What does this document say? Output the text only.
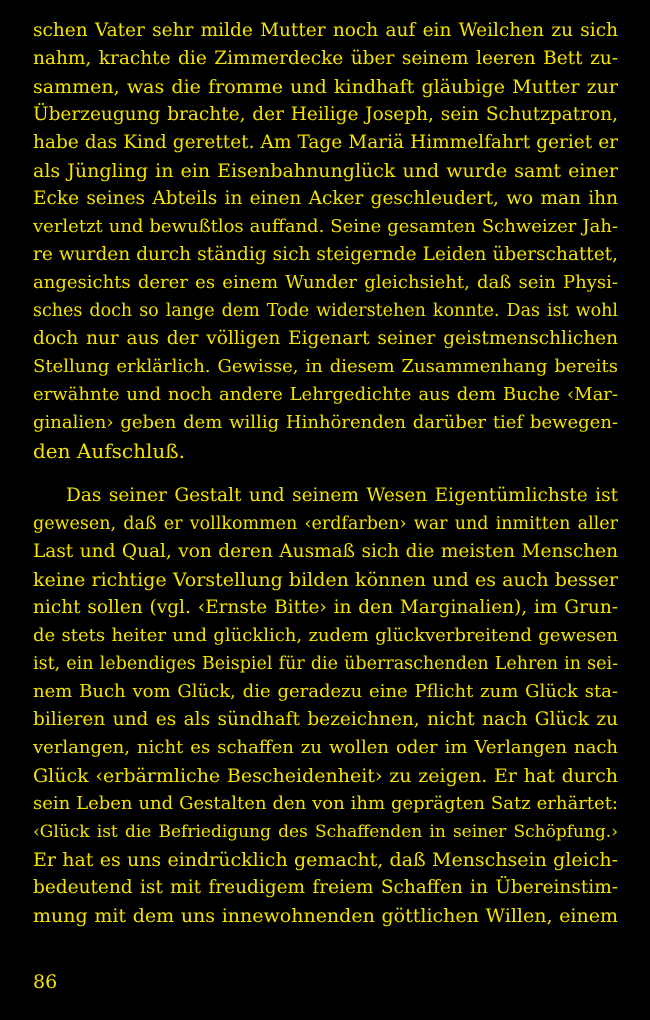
schen Vater sehr milde Mutter noch auf ein Weilchen zu sich
nahm, krachte die Zimmerdecke über seinem leeren Bett zu-
sammen, was die fromme und kindhaft gläubige Mutter zur
Überzeugung brachte, der Heilige Joseph, sein Schutzpatron,
habe das Kind gerettet. Am Tage Mariä Himmelfahrt geriet er
als Jüngling in ein Eisenbahnunglück und wurde samt einer
Ecke seines Abteils in einen Acker geschleudert, wo man ihn
verletzt und bewußtlos auffand. Seine gesamten Schweizer Jah-
re wurden durch ständig sich steigernde Leiden überschattet,
angesichts derer es einem Wunder gleichsieht, daß sein Physi-
sches doch so lange dem Tode widerstehen konnte. Das ist wohl
doch nur aus der völligen Eigenart seiner geistmenschlichen
Stellung erklärlich. Gewisse, in diesem Zusammenhang bereits
erwähnte und noch andere Lehrgedichte aus dem Buche ‹Mar-
ginalien› geben dem willig Hinhörenden darüber tief bewegen-
den Aufschluß.
Das seiner Gestalt und seinem Wesen Eigentümlichste ist
gewesen, daß er vollkommen ‹erdfarben› war und inmitten aller
Last und Qual, von deren Ausmaß sich die meisten Menschen
keine richtige Vorstellung bilden können und es auch besser
nicht sollen (vgl. ‹Ernste Bitte› in den Marginalien), im Grun-
de stets heiter und glücklich, zudem glückverbreitend gewesen
ist, ein lebendiges Beispiel für die überraschenden Lehren in sei-
nem Buch vom Glück, die geradezu eine Pflicht zum Glück sta-
bilieren und es als sündhaft bezeichnen, nicht nach Glück zu
verlangen, nicht es schaffen zu wollen oder im Verlangen nach
Glück ‹erbärmliche Bescheidenheit› zu zeigen. Er hat durch
sein Leben und Gestalten den von ihm geprägten Satz erhärtet:
‹Glück ist die Befriedigung des Schaffenden in seiner Schöpfung.›
Er hat es uns eindrücklich gemacht, daß Menschsein gleich-
bedeutend ist mit freudigem freiem Schaffen in Übereinstim-
mung mit dem uns innewohnenden göttlichen Willen, einem
86
